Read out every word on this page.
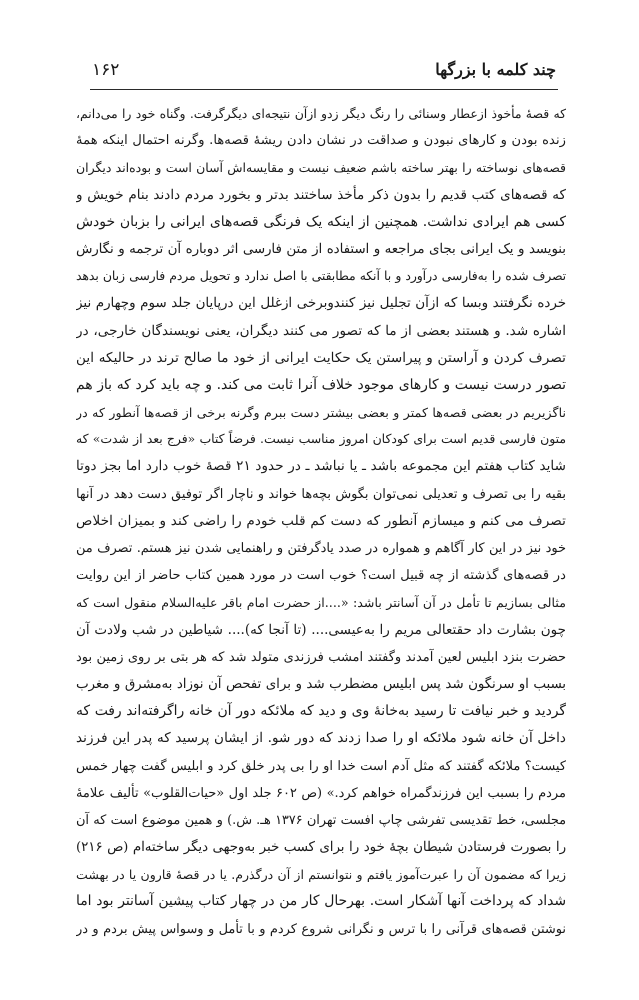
چند کلمه با بزرگها
۱۶۲
که قصهٔ مأخوذ ازعطار وسنائی را رنگ دیگر زدو ازآن نتیجه‌ای دیگرگرفت. وگناه‌ خود را می‌دانم،
زنده بودن و کارهای نبودن و صداقت در نشان دادن ریشهٔ قصه‌ها. وگرنه احتمال اینکه همهٔ
قصه‌های نوساخته را بهتر ساخته باشم ضعیف نیست و مقایسه‌اش آسان است و بوده‌اند دیگران
که قصه‌های کتب قدیم را بدون ذکر مأخذ ساختند بدتر و بخورد مردم دادند بنام خویش و
کسی هم ایرادی نداشت. همچنین از اینکه یک فرنگی قصه‌های ایرانی را بزبان خودش
بنویسد و یک ایرانی بجای مراجعه و استفاده از متن فارسی اثر دوباره آن ترجمه و نگارش
تصرف شده را به‌فارسی درآورد و با آنکه مطابقتی با اصل ندارد و تحویل مردم فارسی زبان بدهد
خرده نگرفتند وبسا که ازآن تجلیل نیز کنندوبرخی ازغلل این درپایان جلد سوم وچهارم نیز
اشاره شد. و هستند بعضی از ما که تصور می کنند دیگران، یعنی نویسندگان خارجی، در
تصرف کردن و آراستن و پیراستن یک حکایت ایرانی از خود ما صالح ترند در حالیکه این
تصور درست نیست و کارهای موجود خلاف آنرا ثابت می کند. و چه باید کرد که باز هم
ناگزیریم در بعضی قصه‌ها کمتر و بعضی بیشتر دست ببرم وگرنه برخی از قصه‌ها آنطور که در
متون فارسی قدیم است برای کودکان امروز مناسب نیست. فرضاً کتاب «فرج بعد از شدت» که
شاید کتاب هفتم این مجموعه باشد ـ یا نباشد ـ در حدود ۲۱ قصهٔ خوب دارد اما بجز دوتا
بقیه را بی تصرف و تعدیلی نمی‌توان بگوش بچه‌ها خواند و ناچار اگر توفیق دست دهد در آنها
تصرف می کنم و میسازم آنطور که دست کم قلب خودم را راضی کند و بمیزان اخلاص
خود نیز در این کار آگاهم و همواره در صدد یادگرفتن و راهنمایی شدن نیز هستم. تصرف من
در قصه‌های گذشته از چه قبیل است؟ خوب است در مورد همین کتاب حاضر از این روایت
مثالی بسازیم تا تأمل در آن آسانتر باشد: «....از حضرت امام باقر علیه‌السلام منقول است که
چون بشارت داد حقتعالی مریم را به‌عیسی.... (تا آنجا که).... شیاطین در شب ولادت آن
حضرت بنزد ابلیس لعین آمدند وگفتند امشب فرزندی متولد شد که هر بتی بر روی زمین بود
بسبب او سرنگون شد پس ابلیس مضطرب شد و برای تفحص آن نوزاد به‌مشرق و مغرب
گردید و خبر نیافت تا رسید به‌خانهٔ وی و دید که ملائکه دور آن خانه راگرفته‌اند رفت که
داخل آن خانه شود ملائکه او را صدا زدند که دور شو. از ایشان پرسید که پدر این فرزند
کیست؟ ملائکه گفتند که مثل آدم است خدا او را بی پدر خلق کرد و ابلیس گفت چهار خمس
مردم را بسبب این فرزندگمراه خواهم کرد.» (ص ۶۰۲ جلد اول «حیات‌القلوب» تألیف علامهٔ
مجلسی، خط تقدیسی تفرشی چاپ افست تهران ۱۳۷۶ هـ. ش.) و همین موضوع است که آن
را بصورت فرستادن شیطان بچهٔ خود را برای کسب خبر به‌وجهی دیگر ساخته‌ام (ص ۲۱۶)
زیرا که مضمون آن را عبرت‌آموز یافتم و نتوانستم از آن درگذرم. یا در قصهٔ قارون یا در بهشت
شداد که پرداخت آنها آشکار است. بهرحال کار من در چهار کتاب پیشین آسانتر بود اما
نوشتن قصه‌های قرآنی را با ترس و نگرانی شروع کردم و با تأمل و وسواس پیش بردم و در
